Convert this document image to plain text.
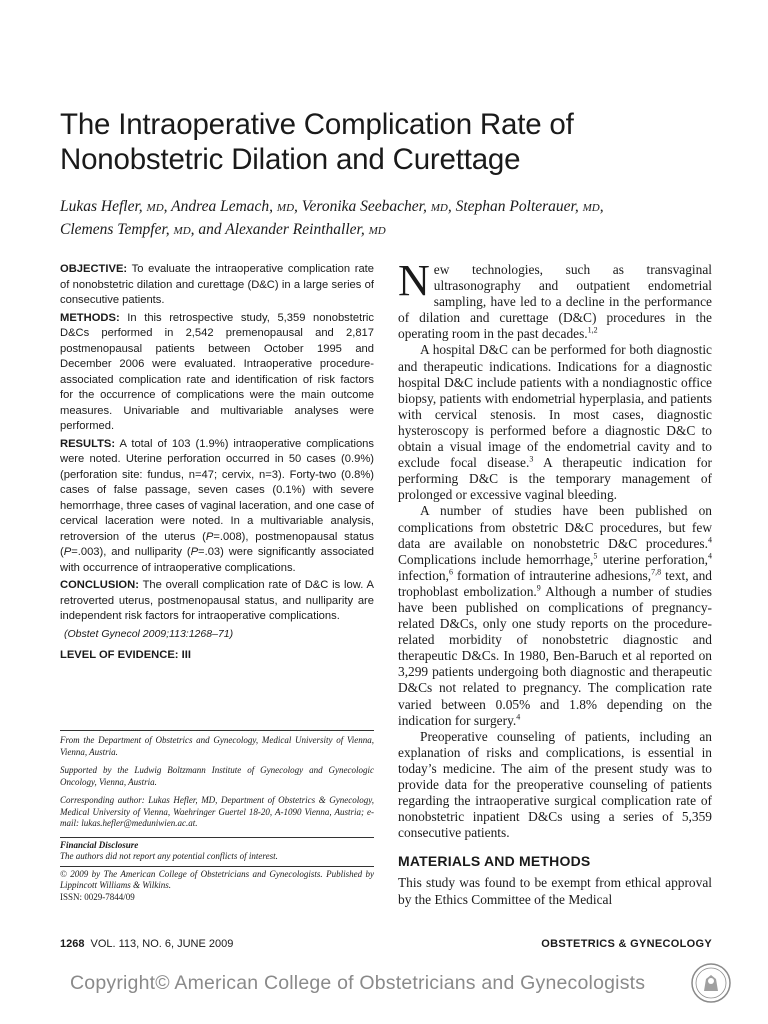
The Intraoperative Complication Rate of
Nonobstetric Dilation and Curettage
Lukas Hefler, MD, Andrea Lemach, MD, Veronika Seebacher, MD, Stephan Polterauer, MD,
Clemens Tempfer, MD, and Alexander Reinthaller, MD

OBJECTIVE: To evaluate the intraoperative complication rate of nonobstetric dilation and curettage (D&C) in a large series of consecutive patients.

METHODS: In this retrospective study, 5,359 nonobstetric D&Cs performed in 2,542 premenopausal and 2,817 postmenopausal patients between October 1995 and December 2006 were evaluated. Intraoperative procedure-associated complication rate and identification of risk factors for the occurrence of complications were the main outcome measures. Univariable and multivariable analyses were performed.

RESULTS: A total of 103 (1.9%) intraoperative complications were noted. Uterine perforation occurred in 50 cases (0.9%) (perforation site: fundus, n=47; cervix, n=3). Forty-two (0.8%) cases of false passage, seven cases (0.1%) with severe hemorrhage, three cases of vaginal laceration, and one case of cervical laceration were noted. In a multivariable analysis, retroversion of the uterus (P=.008), postmenopausal status (P=.003), and nulliparity (P=.03) were significantly associated with occurrence of intraoperative complications.

CONCLUSION: The overall complication rate of D&C is low. A retroverted uterus, postmenopausal status, and nulliparity are independent risk factors for intraoperative complications.

(Obstet Gynecol 2009;113:1268–71)

LEVEL OF EVIDENCE: III

From the Department of Obstetrics and Gynecology, Medical University of Vienna, Vienna, Austria.

Supported by the Ludwig Boltzmann Institute of Gynecology and Gynecologic Oncology, Vienna, Austria.

Corresponding author: Lukas Hefler, MD, Department of Obstetrics & Gynecology, Medical University of Vienna, Waehringer Guertel 18-20, A-1090 Vienna, Austria; e-mail: lukas.hefler@meduniwien.ac.at.

Financial Disclosure
The authors did not report any potential conflicts of interest.
© 2009 by The American College of Obstetricians and Gynecologists. Published by Lippincott Williams & Wilkins.
ISSN: 0029-7844/09

New technologies, such as transvaginal ultrasonography and outpatient endometrial sampling, have led to a decline in the performance of dilation and curettage (D&C) procedures in the operating room in the past decades.$^{1,2}$

A hospital D&C can be performed for both diagnostic and therapeutic indications. Indications for a diagnostic hospital D&C include patients with a nondiagnostic office biopsy, patients with endometrial hyperplasia, and patients with cervical stenosis. In most cases, diagnostic hysteroscopy is performed before a diagnostic D&C to obtain a visual image of the endometrial cavity and to exclude focal disease.$^3$ A therapeutic indication for performing D&C is the temporary management of prolonged or excessive vaginal bleeding.

A number of studies have been published on complications from obstetric D&C procedures, but few data are available on nonobstetric D&C procedures.$^4$ Complications include hemorrhage,$^5$ uterine perforation,$^4$ infection,$^6$ formation of intrauterine adhesions,$^{7,8}$ text, and trophoblast embolization.$^9$ Although a number of studies have been published on complications of pregnancy-related D&Cs, only one study reports on the procedure-related morbidity of nonobstetric diagnostic and therapeutic D&Cs. In 1980, Ben-Baruch et al reported on 3,299 patients undergoing both diagnostic and therapeutic D&Cs not related to pregnancy. The complication rate varied between 0.05% and 1.8% depending on the indication for surgery.$^4$

Preoperative counseling of patients, including an explanation of risks and complications, is essential in today’s medicine. The aim of the present study was to provide data for the preoperative counseling of patients regarding the intraoperative surgical complication rate of nonobstetric inpatient D&Cs using a series of 5,359 consecutive patients.

MATERIALS AND METHODS

This study was found to be exempt from ethical approval by the Ethics Committee of the Medical

1268 VOL. 113, NO. 6, JUNE 2009	OBSTETRICS & GYNECOLOGY
Copyright© American College of Obstetricians and Gynecologists
